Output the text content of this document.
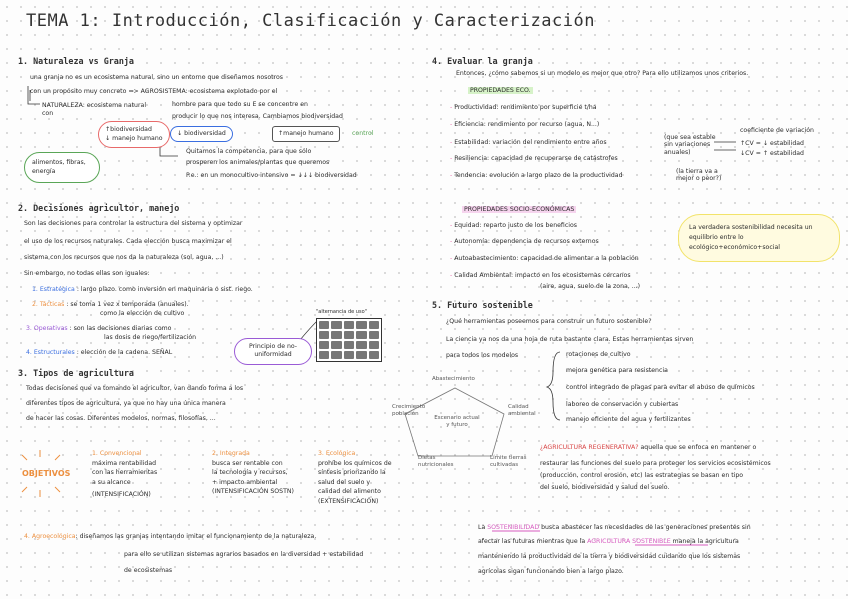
TEMA 1: Introducción, Clasificación y Caracterización
1. Naturaleza vs Granja
una granja no es un ecosistema natural, sino un entorno que diseñamos nosotros
con un propósito muy concreto => AGROSISTEMA: ecosistema explotado por el
hombre para que todo su E se concentre en
producir lo que nos interesa. Cambiamos biodiversidad
NATURALEZA: ecosistema natural con
↑biodiversidad
↓ manejo humano
↓ biodiversidad	↑manejo humano	control
alimentos, fibras, energía
Quitamos la competencia, para que sólo
prosperen los animales/plantas que queremos
P.e.: en un monocultivo intensivo = ↓↓↓ biodiversidad
2. Decisiones agricultor, manejo
Son las decisiones para controlar la estructura del sistema y optimizar
el uso de los recursos naturales. Cada elección busca maximizar el
sistema con los recursos que nos da la naturaleza (sol, agua, ...)
Sin embargo, no todas ellas son iguales:
1. Estratégica : largo plazo. como inversión en maquinaria o sist. riego.
2. Tácticas : se toma 1 vez x temporada (anuales).
como la elección de cultivo
3. Operativas : son las decisiones diarias como
las dosis de riego/fertilización
4. Estructurales : elección de la cadena. SEÑAL
Principio de no-uniformidad
"alternancia de uso"
3. Tipos de agricultura
Todas decisiones que va tomando el agricultor, van dando forma a los
diferentes tipos de agricultura, ya que no hay una única manera
de hacer las cosas. Diferentes modelos, normas, filosofías, ...
OBJETIVOS
1. Convencional
máxima rentabilidad
con las herramientas
a su alcance
(INTENSIFICACIÓN)
2. Integrada
busca ser rentable con
la tecnología y recursos,
+ impacto ambiental
(INTENSIFICACIÓN SOSTN)
3. Ecológica
prohíbe los químicos de
síntesis priorizando la
salud del suelo y
calidad del alimento
(EXTENSIFICACIÓN)
4. Agroecológica: diseñamos las granjas intentando imitar el funcionamiento de la naturaleza.
para ello se utilizan sistemas agrarios basados en la diversidad + estabilidad
de ecosistemas
4. Evaluar la granja
Entonces, ¿cómo sabemos si un modelo es mejor que otro? Para ello utilizamos unos criterios.
PROPIEDADES ECO.
- Productividad: rendimiento por superficie t/ha
- Eficiencia: rendimiento por recurso (agua, N...)
- Estabilidad: variación del rendimiento entre años
- Resiliencia: capacidad de recuperarse de catástrofes
- Tendencia: evolución a largo plazo de la productividad
(que sea estable sin variaciones anuales)
coeficiente de variación
↑CV = ↓ estabilidad
↓CV = ↑ estabilidad
(la tierra va a mejor o peor?)
PROPIEDADES SOCIO-ECONÓMICAS
- Equidad: reparto justo de los beneficios
- Autonomía: dependencia de recursos externos
- Autoabastecimiento: capacidad de alimentar a la población
- Calidad Ambiental: impacto en los ecosistemas cercanos
(aire, agua, suelo de la zona, ...)
La verdadera sostenibilidad necesita un equilibrio entre lo ecológico+económico+social
5. Futuro sostenible
¿Qué herramientas poseemos para construir un futuro sostenible?
La ciencia ya nos da una hoja de ruta bastante clara. Estas herramientas sirven
para todos los modelos	rotaciones de cultivo
mejora genética para resistencia
control integrado de plagas para evitar el abuso de químicos
laboreo de conservación y cubiertas
manejo eficiente del agua y fertilizantes
Abastecimiento
Crecimiento población
Calidad ambiental
Dietas nutricionales
Límite tierras cultivadas
Escenario actual y futuro
¿AGRICULTURA REGENERATIVA? aquella que se enfoca en mantener o
restaurar las funciones del suelo para proteger los servicios ecosistémicos
(producción, control erosión, etc) las estrategias se basan en tipo
del suelo, biodiversidad y salud del suelo.
La SOSTENIBILIDAD busca abastecer las necesidades de las generaciones presentes sin
afectar las futuras mientras que la AGRICULTURA SOSTENIBLE maneja la agricultura
manteniendo la productividad de la tierra y biodiversidad cuidando que los sistemas
agrícolas sigan funcionando bien a largo plazo.
